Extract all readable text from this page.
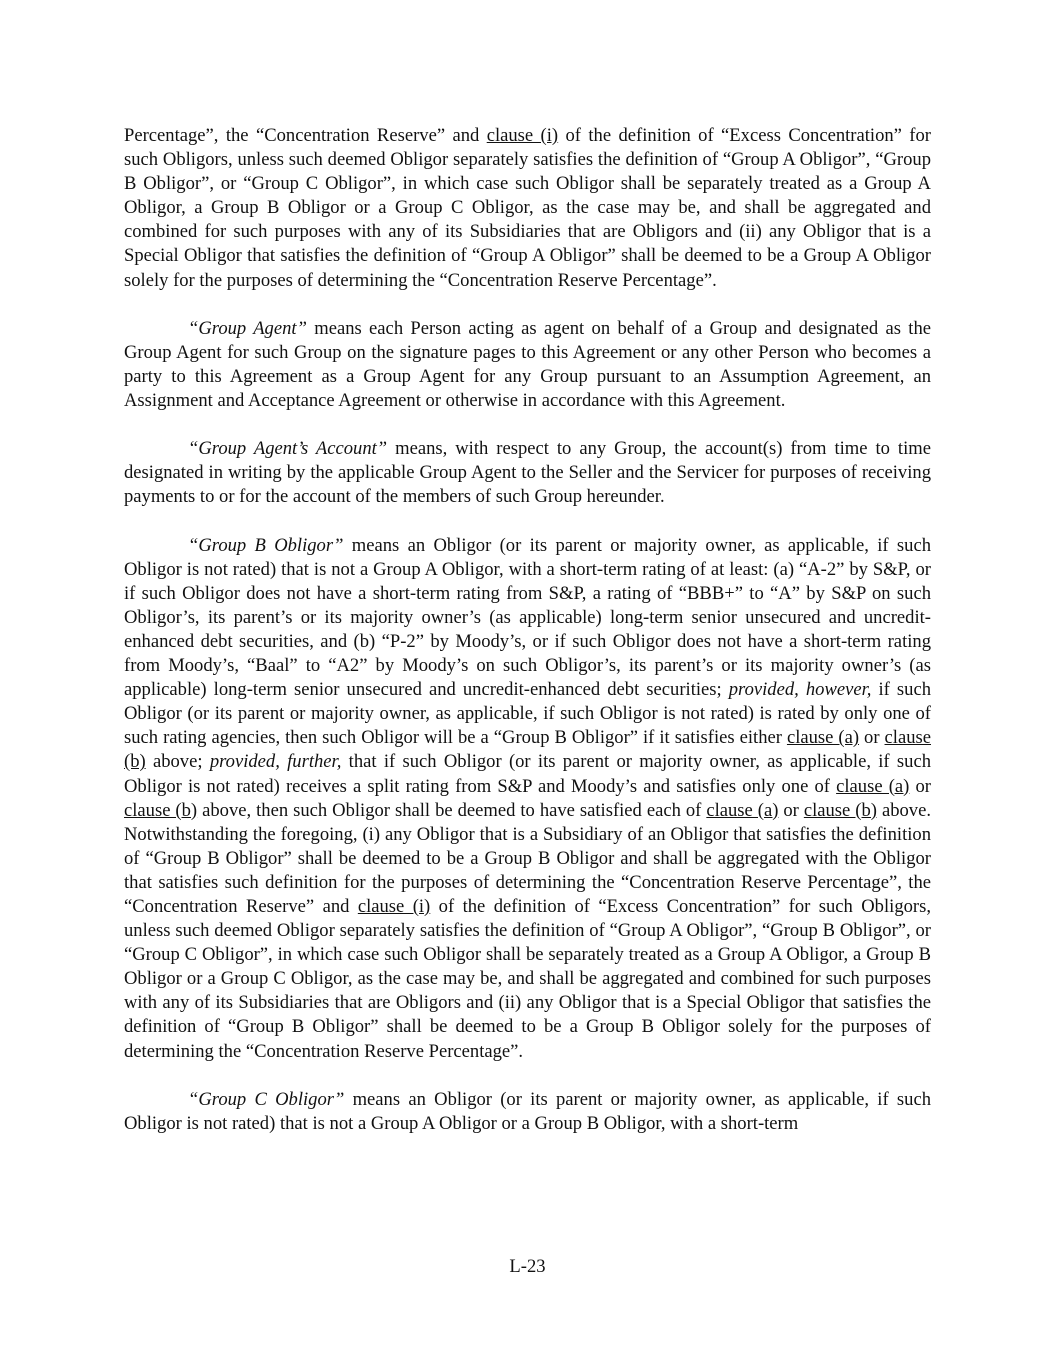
Percentage”, the “Concentration Reserve” and clause (i) of the definition of “Excess Concentration” for such Obligors, unless such deemed Obligor separately satisfies the definition of “Group A Obligor”, “Group B Obligor”, or “Group C Obligor”, in which case such Obligor shall be separately treated as a Group A Obligor, a Group B Obligor or a Group C Obligor, as the case may be, and shall be aggregated and combined for such purposes with any of its Subsidiaries that are Obligors and (ii) any Obligor that is a Special Obligor that satisfies the definition of “Group A Obligor” shall be deemed to be a Group A Obligor solely for the purposes of determining the “Concentration Reserve Percentage”.

“Group Agent” means each Person acting as agent on behalf of a Group and designated as the Group Agent for such Group on the signature pages to this Agreement or any other Person who becomes a party to this Agreement as a Group Agent for any Group pursuant to an Assumption Agreement, an Assignment and Acceptance Agreement or otherwise in accordance with this Agreement.

“Group Agent’s Account” means, with respect to any Group, the account(s) from time to time designated in writing by the applicable Group Agent to the Seller and the Servicer for purposes of receiving payments to or for the account of the members of such Group hereunder.

“Group B Obligor” means an Obligor (or its parent or majority owner, as applicable, if such Obligor is not rated) that is not a Group A Obligor, with a short-term rating of at least: (a) “A-2” by S&P, or if such Obligor does not have a short-term rating from S&P, a rating of “BBB+” to “A” by S&P on such Obligor’s, its parent’s or its majority owner’s (as applicable) long-term senior unsecured and uncredit-enhanced debt securities, and (b) “P-2” by Moody’s, or if such Obligor does not have a short-term rating from Moody’s, “Baal” to “A2” by Moody’s on such Obligor’s, its parent’s or its majority owner’s (as applicable) long-term senior unsecured and uncredit-enhanced debt securities; provided, however, if such Obligor (or its parent or majority owner, as applicable, if such Obligor is not rated) is rated by only one of such rating agencies, then such Obligor will be a “Group B Obligor” if it satisfies either clause (a) or clause (b) above; provided, further, that if such Obligor (or its parent or majority owner, as applicable, if such Obligor is not rated) receives a split rating from S&P and Moody’s and satisfies only one of clause (a) or clause (b) above, then such Obligor shall be deemed to have satisfied each of clause (a) or clause (b) above. Notwithstanding the foregoing, (i) any Obligor that is a Subsidiary of an Obligor that satisfies the definition of “Group B Obligor” shall be deemed to be a Group B Obligor and shall be aggregated with the Obligor that satisfies such definition for the purposes of determining the “Concentration Reserve Percentage”, the “Concentration Reserve” and clause (i) of the definition of “Excess Concentration” for such Obligors, unless such deemed Obligor separately satisfies the definition of “Group A Obligor”, “Group B Obligor”, or “Group C Obligor”, in which case such Obligor shall be separately treated as a Group A Obligor, a Group B Obligor or a Group C Obligor, as the case may be, and shall be aggregated and combined for such purposes with any of its Subsidiaries that are Obligors and (ii) any Obligor that is a Special Obligor that satisfies the definition of “Group B Obligor” shall be deemed to be a Group B Obligor solely for the purposes of determining the “Concentration Reserve Percentage”.

“Group C Obligor” means an Obligor (or its parent or majority owner, as applicable, if such Obligor is not rated) that is not a Group A Obligor or a Group B Obligor, with a short-term

L-23
